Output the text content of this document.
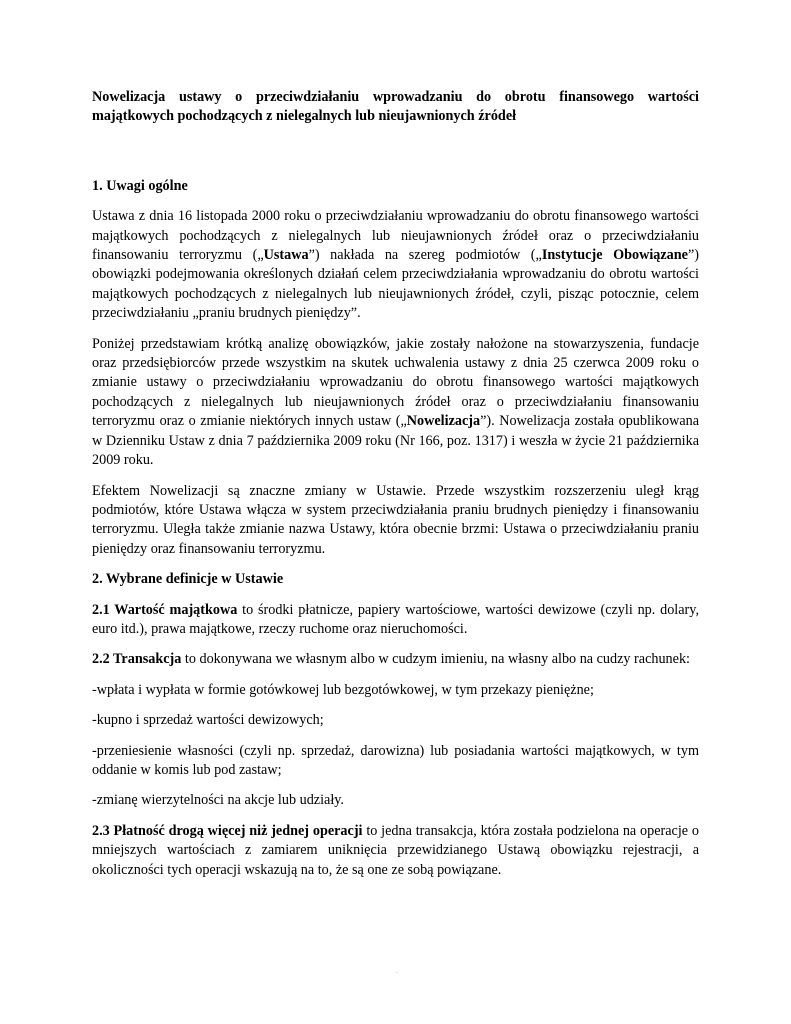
Nowelizacja ustawy o przeciwdziałaniu wprowadzaniu do obrotu finansowego wartości majątkowych pochodzących z nielegalnych lub nieujawnionych źródeł

1. Uwagi ogólne

Ustawa z dnia 16 listopada 2000 roku o przeciwdziałaniu wprowadzaniu do obrotu finansowego wartości majątkowych pochodzących z nielegalnych lub nieujawnionych źródeł oraz o przeciwdziałaniu finansowaniu terroryzmu („Ustawa”) nakłada na szereg podmiotów („Instytucje Obowiązane”) obowiązki podejmowania określonych działań celem przeciwdziałania wprowadzaniu do obrotu wartości majątkowych pochodzących z nielegalnych lub nieujawnionych źródeł, czyli, pisząc potocznie, celem przeciwdziałaniu „praniu brudnych pieniędzy”.

Poniżej przedstawiam krótką analizę obowiązków, jakie zostały nałożone na stowarzyszenia, fundacje oraz przedsiębiorców przede wszystkim na skutek uchwalenia ustawy z dnia 25 czerwca 2009 roku o zmianie ustawy o przeciwdziałaniu wprowadzaniu do obrotu finansowego wartości majątkowych pochodzących z nielegalnych lub nieujawnionych źródeł oraz o przeciwdziałaniu finansowaniu terroryzmu oraz o zmianie niektórych innych ustaw („Nowelizacja”). Nowelizacja została opublikowana w Dzienniku Ustaw z dnia 7 października 2009 roku (Nr 166, poz. 1317) i weszła w życie 21 października 2009 roku.

Efektem Nowelizacji są znaczne zmiany w Ustawie. Przede wszystkim rozszerzeniu uległ krąg podmiotów, które Ustawa włącza w system przeciwdziałania praniu brudnych pieniędzy i finansowaniu terroryzmu. Uległa także zmianie nazwa Ustawy, która obecnie brzmi: Ustawa o przeciwdziałaniu praniu pieniędzy oraz finansowaniu terroryzmu.

2. Wybrane definicje w Ustawie

2.1 Wartość majątkowa to środki płatnicze, papiery wartościowe, wartości dewizowe (czyli np. dolary, euro itd.), prawa majątkowe, rzeczy ruchome oraz nieruchomości.

2.2 Transakcja to dokonywana we własnym albo w cudzym imieniu, na własny albo na cudzy rachunek:

-wpłata i wypłata w formie gotówkowej lub bezgotówkowej, w tym przekazy pieniężne;

-kupno i sprzedaż wartości dewizowych;

-przeniesienie własności (czyli np. sprzedaż, darowizna) lub posiadania wartości majątkowych, w tym oddanie w komis lub pod zastaw;

-zmianę wierzytelności na akcje lub udziały.

2.3 Płatność drogą więcej niż jednej operacji to jedna transakcja, która została podzielona na operacje o mniejszych wartościach z zamiarem uniknięcia przewidzianego Ustawą obowiązku rejestracji, a okoliczności tych operacji wskazują na to, że są one ze sobą powiązane.

.
